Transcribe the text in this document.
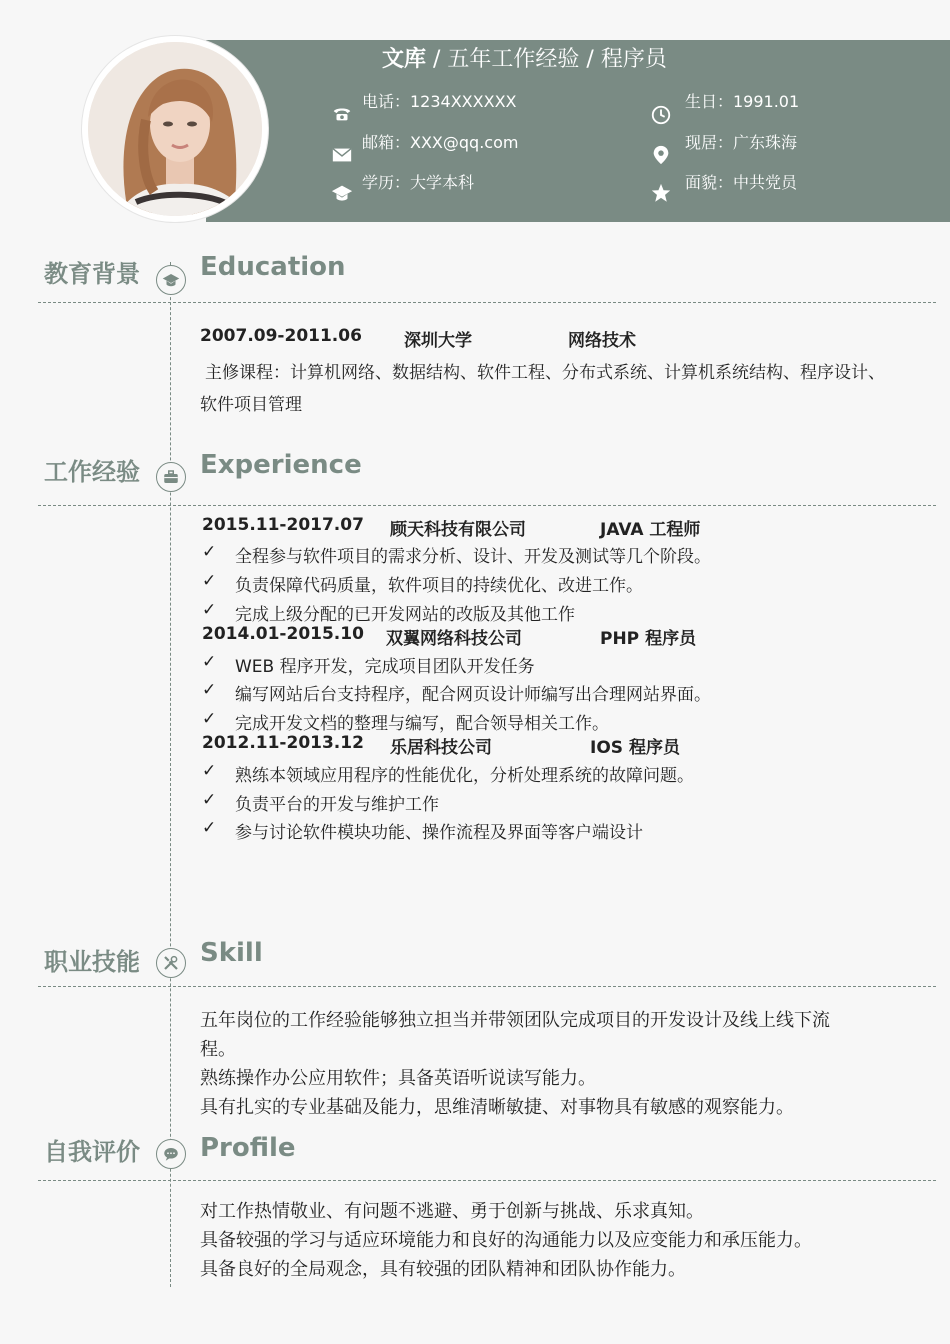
文库 / 五年工作经验 / 程序员
电话：1234XXXXXX
邮箱：XXX@qq.com
学历：大学本科
生日：1991.01
现居：广东珠海
面貌：中共党员
教育背景 Education
2007.09-2011.06 深圳大学	网络技术
主修课程：计算机网络、数据结构、软件工程、分布式系统、计算机系统结构、程序设计、
软件项目管理
工作经验 Experience
2015.11-2017.07 顾天科技有限公司	JAVA 工程师
✓ 全程参与软件项目的需求分析、设计、开发及测试等几个阶段。
✓ 负责保障代码质量，软件项目的持续优化、改进工作。
✓ 完成上级分配的已开发网站的改版及其他工作
2014.01-2015.10 双翼网络科技公司	PHP 程序员
✓ WEB 程序开发，完成项目团队开发任务
✓ 编写网站后台支持程序，配合网页设计师编写出合理网站界面。
✓ 完成开发文档的整理与编写，配合领导相关工作。
2012.11-2013.12 乐居科技公司	IOS 程序员
✓ 熟练本领域应用程序的性能优化，分析处理系统的故障问题。
✓ 负责平台的开发与维护工作
✓ 参与讨论软件模块功能、操作流程及界面等客户端设计
职业技能 Skill
五年岗位的工作经验能够独立担当并带领团队完成项目的开发设计及线上线下流
程。
熟练操作办公应用软件；具备英语听说读写能力。
具有扎实的专业基础及能力，思维清晰敏捷、对事物具有敏感的观察能力。
自我评价 Profile
对工作热情敬业、有问题不逃避、勇于创新与挑战、乐求真知。
具备较强的学习与适应环境能力和良好的沟通能力以及应变能力和承压能力。
具备良好的全局观念，具有较强的团队精神和团队协作能力。
